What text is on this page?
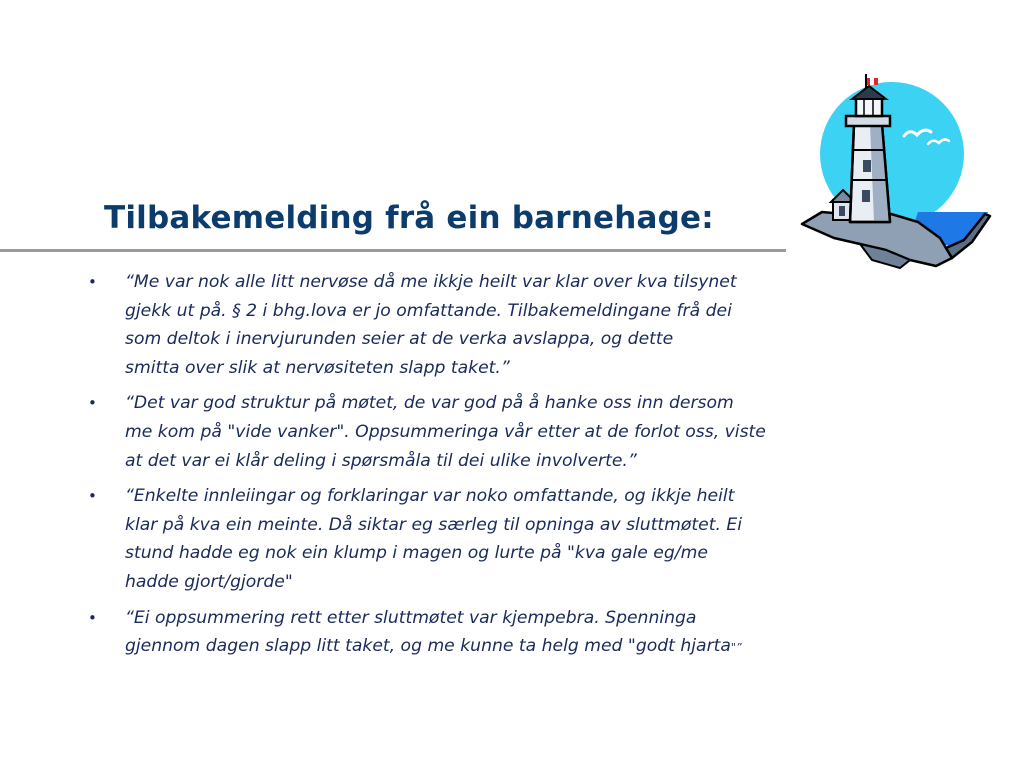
Tilbakemelding frå ein barnehage:
• “Me var nok alle litt nervøse då me ikkje heilt var klar over kva tilsynet
gjekk ut på. § 2 i bhg.lova er jo omfattande. Tilbakemeldingane frå dei
som deltok i inervjurunden seier at de verka avslappa, og dette
smitta over slik at nervøsiteten slapp taket.”
• “Det var god struktur på møtet, de var god på å hanke oss inn dersom
me kom på "vide vanker". Oppsummeringa vår etter at de forlot oss, viste
at det var ei klår deling i spørsmåla til dei ulike involverte.”
• “Enkelte innleiingar og forklaringar var noko omfattande, og ikkje heilt
klar på kva ein meinte. Då siktar eg særleg til opninga av sluttmøtet. Ei
stund hadde eg nok ein klump i magen og lurte på "kva gale eg/me
hadde gjort/gjorde"
• “Ei oppsummering rett etter sluttmøtet var kjempebra. Spenninga
gjennom dagen slapp litt taket, og me kunne ta helg med "godt hjarta"”
